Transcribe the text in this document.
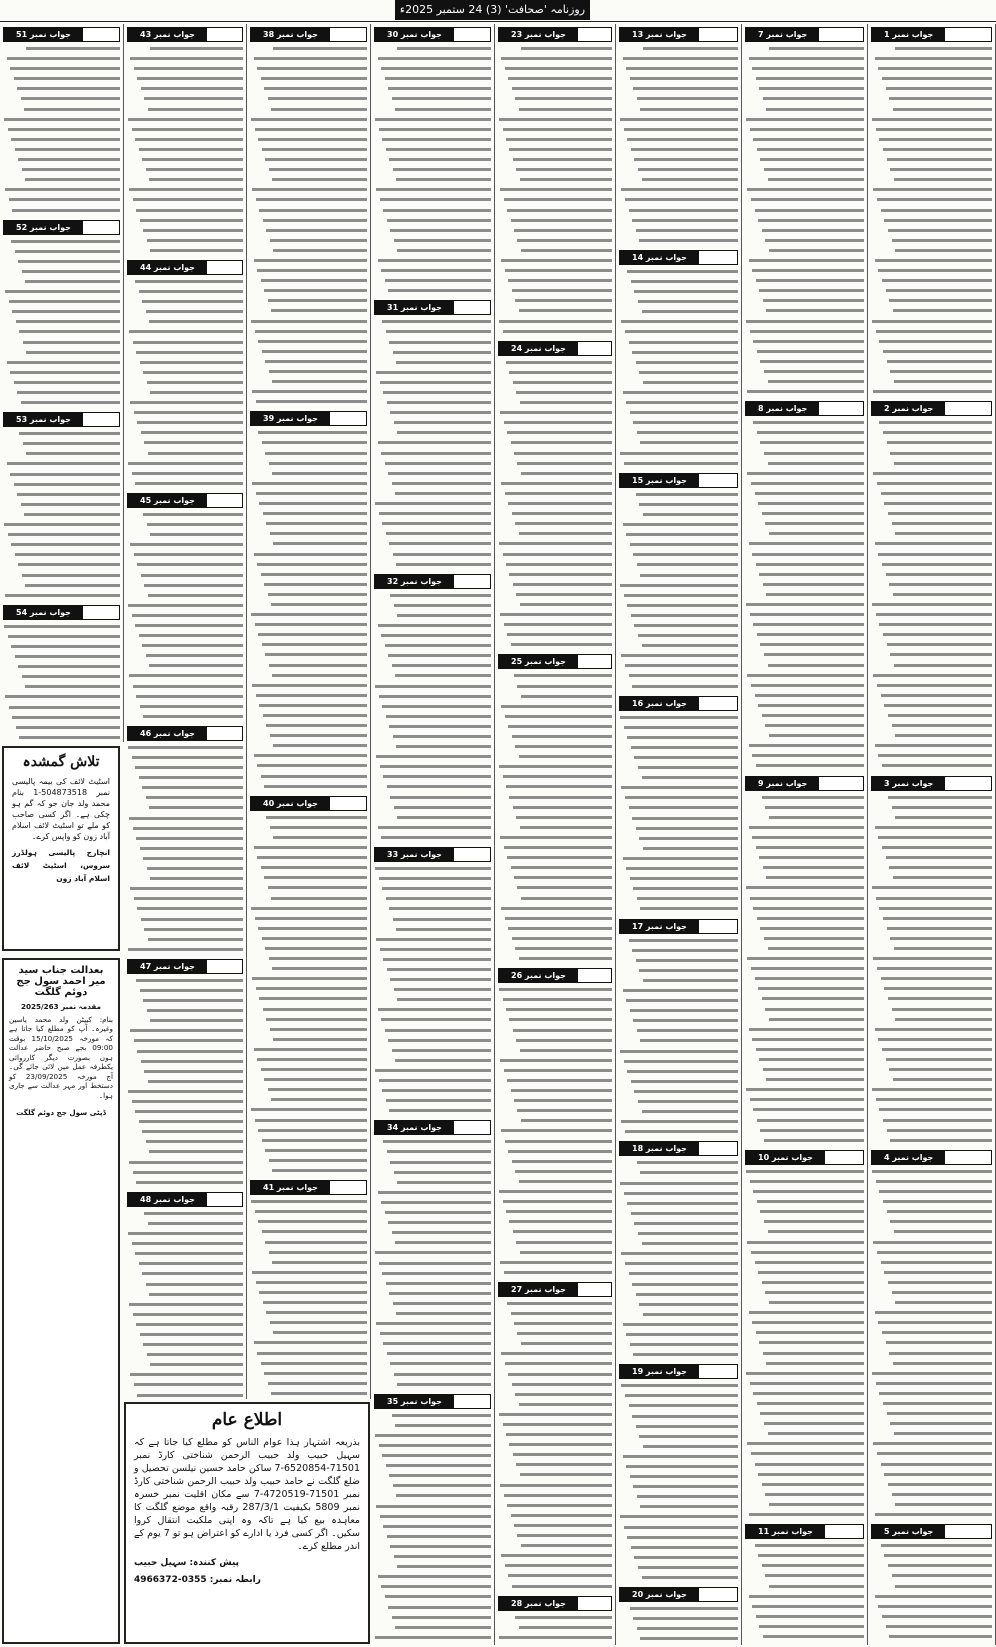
روزنامہ 'صحافت' (3) 24 ستمبر 2025ء
جواب نمبر 1
جواب نمبر 2
جواب نمبر 3
جواب نمبر 4
جواب نمبر 5
جواب نمبر 7
جواب نمبر 8
جواب نمبر 9
جواب نمبر 10
جواب نمبر 11
جواب نمبر 13
جواب نمبر 14
جواب نمبر 15
جواب نمبر 16
جواب نمبر 17
جواب نمبر 18
جواب نمبر 19
جواب نمبر 20
جواب نمبر 23
جواب نمبر 24
جواب نمبر 25
جواب نمبر 26
جواب نمبر 27
جواب نمبر 28
جواب نمبر 30
جواب نمبر 31
جواب نمبر 32
جواب نمبر 33
جواب نمبر 34
جواب نمبر 35
جواب نمبر 38
جواب نمبر 39
جواب نمبر 40
جواب نمبر 41
جواب نمبر 43
جواب نمبر 44
جواب نمبر 45
جواب نمبر 46
جواب نمبر 47
جواب نمبر 48
جواب نمبر 51
جواب نمبر 52
جواب نمبر 53
جواب نمبر 54
تلاش گمشدہ

اسٹیٹ لائف کی بیمہ پالیسی نمبر 504873518-1 بنام محمد ولد جان جو کہ گم ہو چکی ہے۔ اگر کسی صاحب کو ملے تو اسٹیٹ لائف اسلام آباد زون کو واپس کرے۔

انچارج پالیسی ہولڈرز سروس، اسٹیٹ لائف اسلام آباد زون

بعدالت جناب سید میر احمد سول جج دوئم گلگت

مقدمہ نمبر 2025/263

بنام: کیپٹن ولد محمد یاسین وغیرہ۔ آپ کو مطلع کیا جاتا ہے کہ مورخہ 15/10/2025 بوقت 09:00 بجے صبح حاضر عدالت ہوں بصورت دیگر کارروائی یکطرفہ عمل میں لائی جائے گی۔ آج مورخہ 23/09/2025 کو دستخط اور مہر عدالت سے جاری ہوا۔

ڈپٹی سول جج دوئم گلگت

اطلاع عام

بذریعہ اشتہار ہذا عوام الناس کو مطلع کیا جاتا ہے کہ سہیل حبیب ولد حبیب الرحمن شناختی کارڈ نمبر 71501-6520854-7 ساکن حامد حسین نیلسن تحصیل و ضلع گلگت نے حامد حبیب ولد حبیب الرحمن شناختی کارڈ نمبر 71501-4720519-7 سے مکان اقلیت نمبر خسرہ نمبر 5809 بکیفیت 287/3/1 رقبہ واقع موضع گلگت کا معاہدہ بیع کیا ہے تاکہ وہ اپنی ملکیت انتقال کروا سکیں۔ اگر کسی فرد یا ادارے کو اعتراض ہو تو 7 یوم کے اندر مطلع کرے۔

پیش کنندہ: سہیل حبیب

رابطہ نمبر: 0355-4966372
